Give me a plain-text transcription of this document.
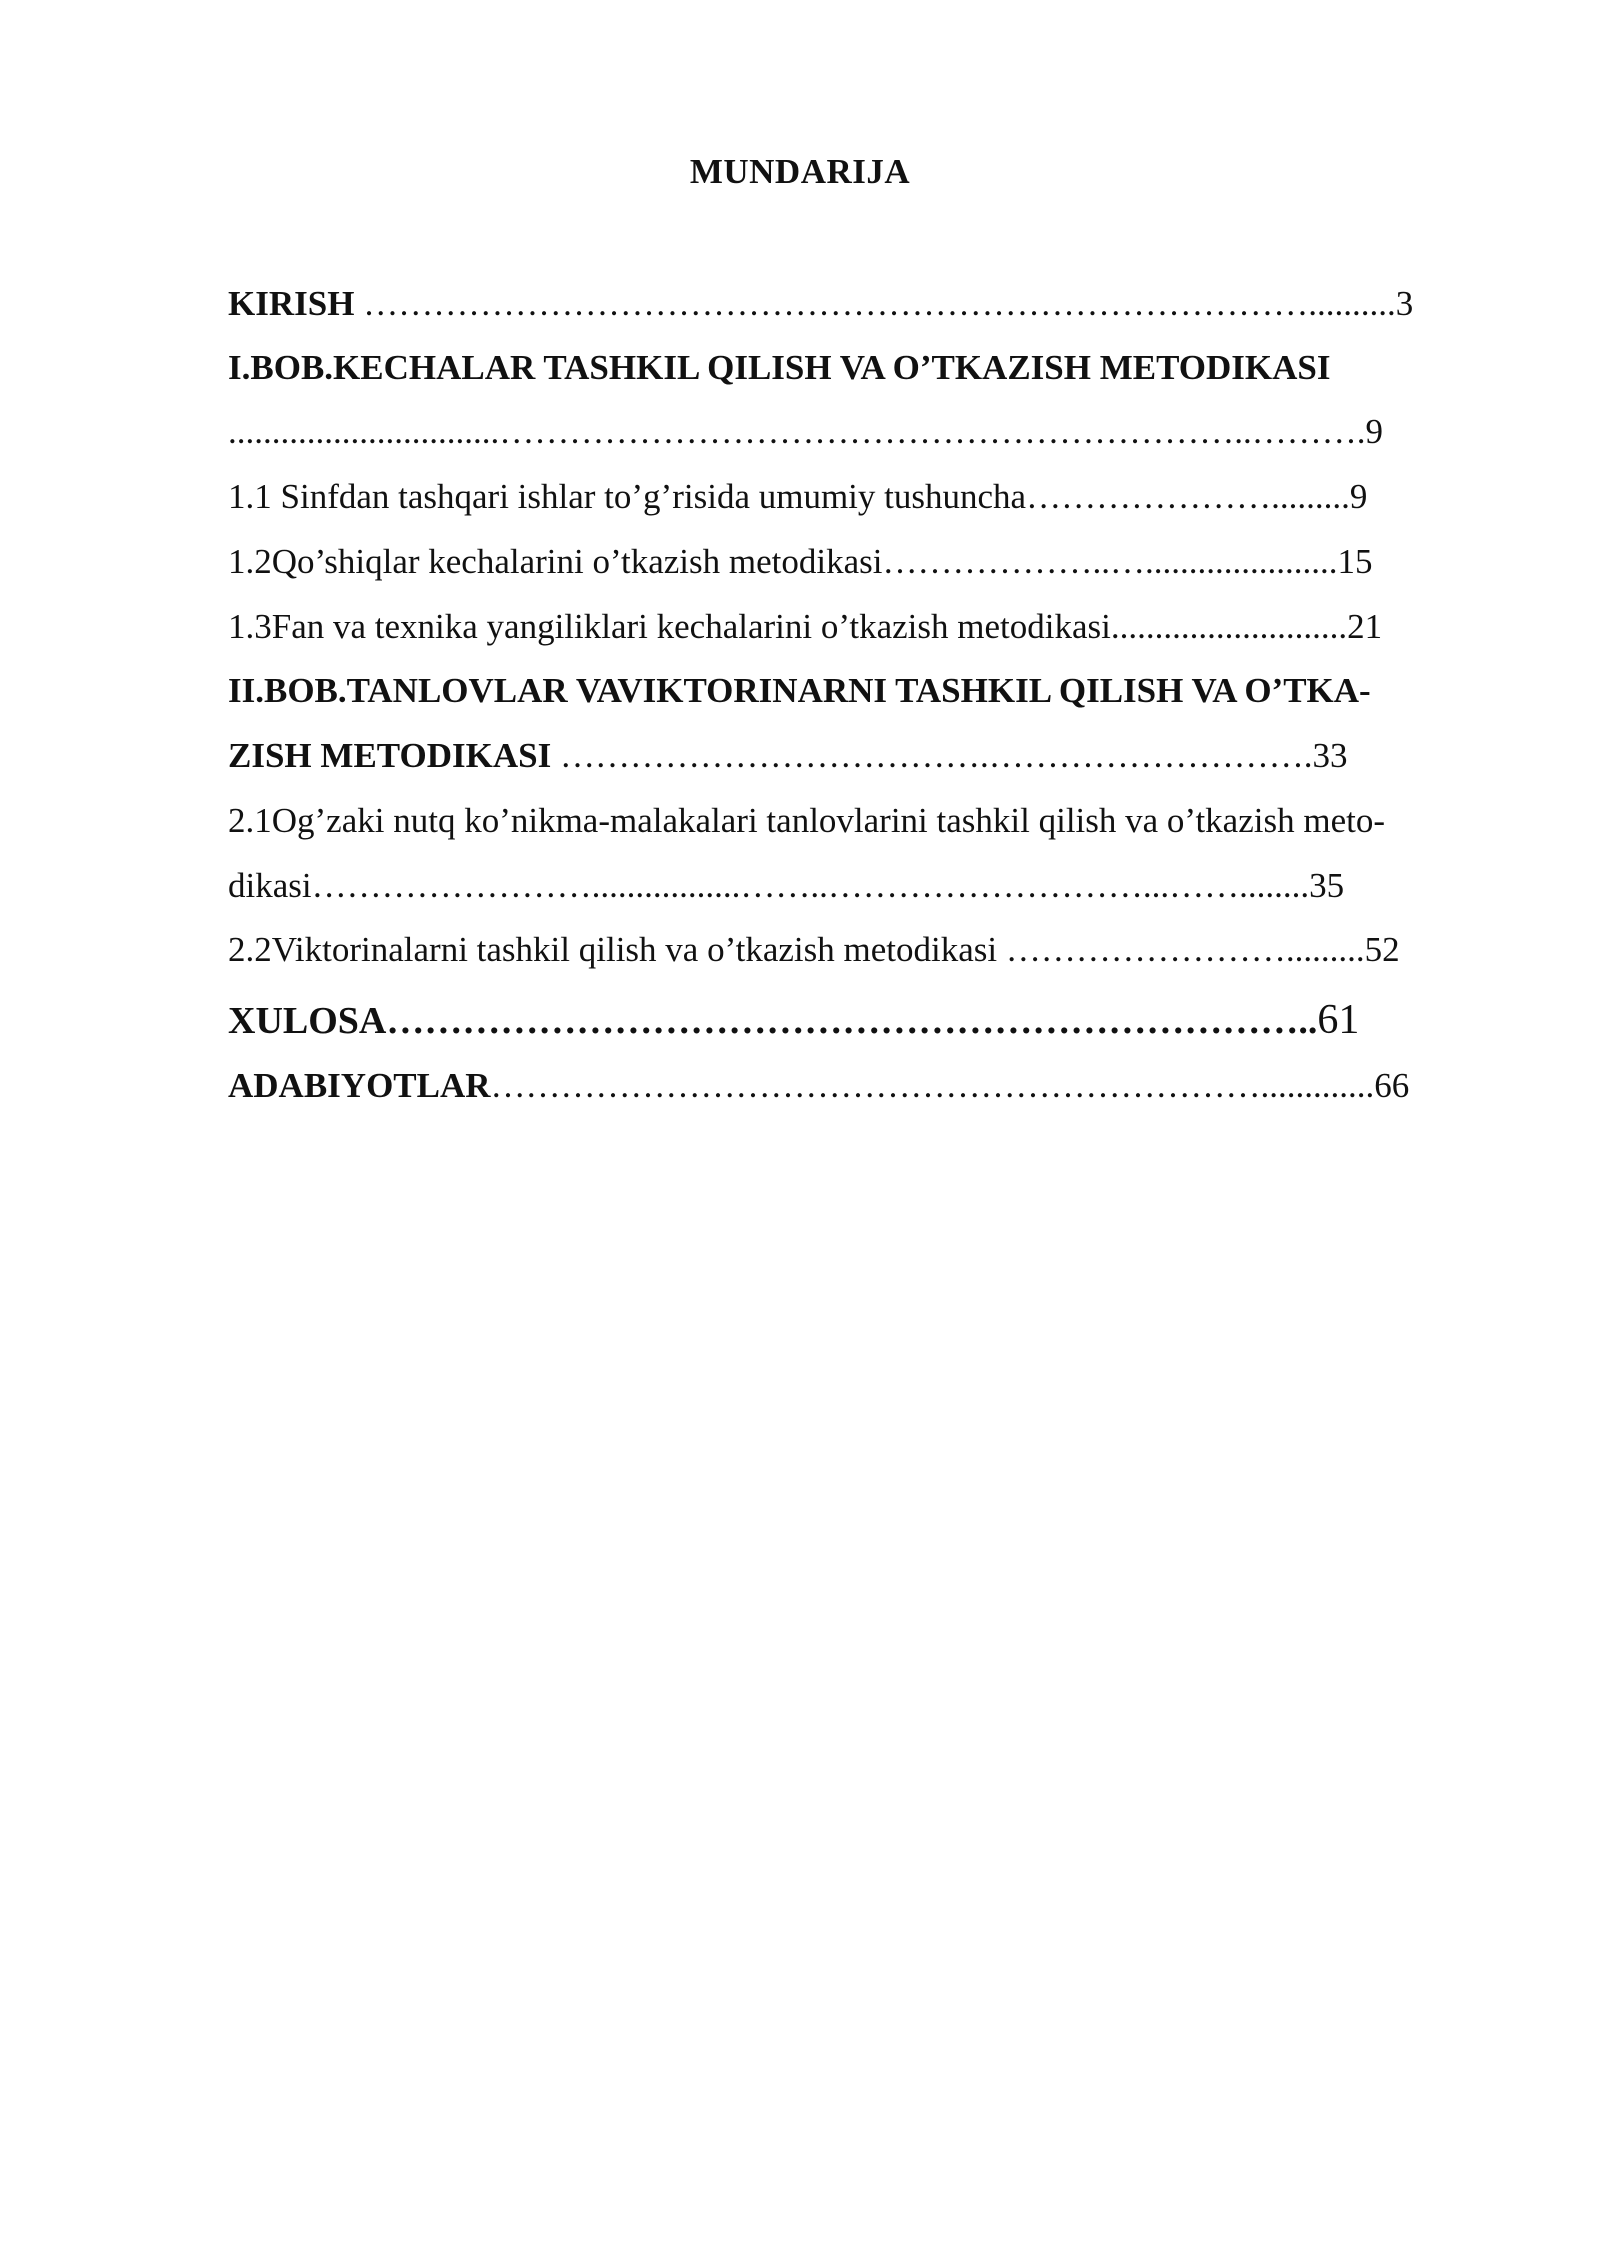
MUNDARIJA
KIRISH ………………………………………………………………………..........3
I.BOB.KECHALAR TASHKIL QILISH VA O’TKAZISH METODIKASI
...............................………………………………………………………..……….9
1.1 Sinfdan tashqari ishlar to’g’risida umumiy tushuncha………………….........9
1.2Qo’shiqlar kechalarini o’tkazish metodikasi………………..…......................15
1.3Fan va texnika yangiliklari kechalarini o’tkazish metodikasi...........................21
II.BOB.TANLOVLAR VAVIKTORINARNI TASHKIL QILISH VA O’TKA-
ZISH METODIKASI ……………………………….……………………….33
2.1Og’zaki nutq ko’nikma-malakalari tanlovlarini tashkil qilish va o’tkazish meto-
dikasi…………………….................……..………………………...……........35
2.2Viktorinalarni tashkil qilish va o’tkazish metodikasi …………………….........52
XULOSA………………………………………………………………..61
ADABIYOTLAR………………………………………………………….............66
